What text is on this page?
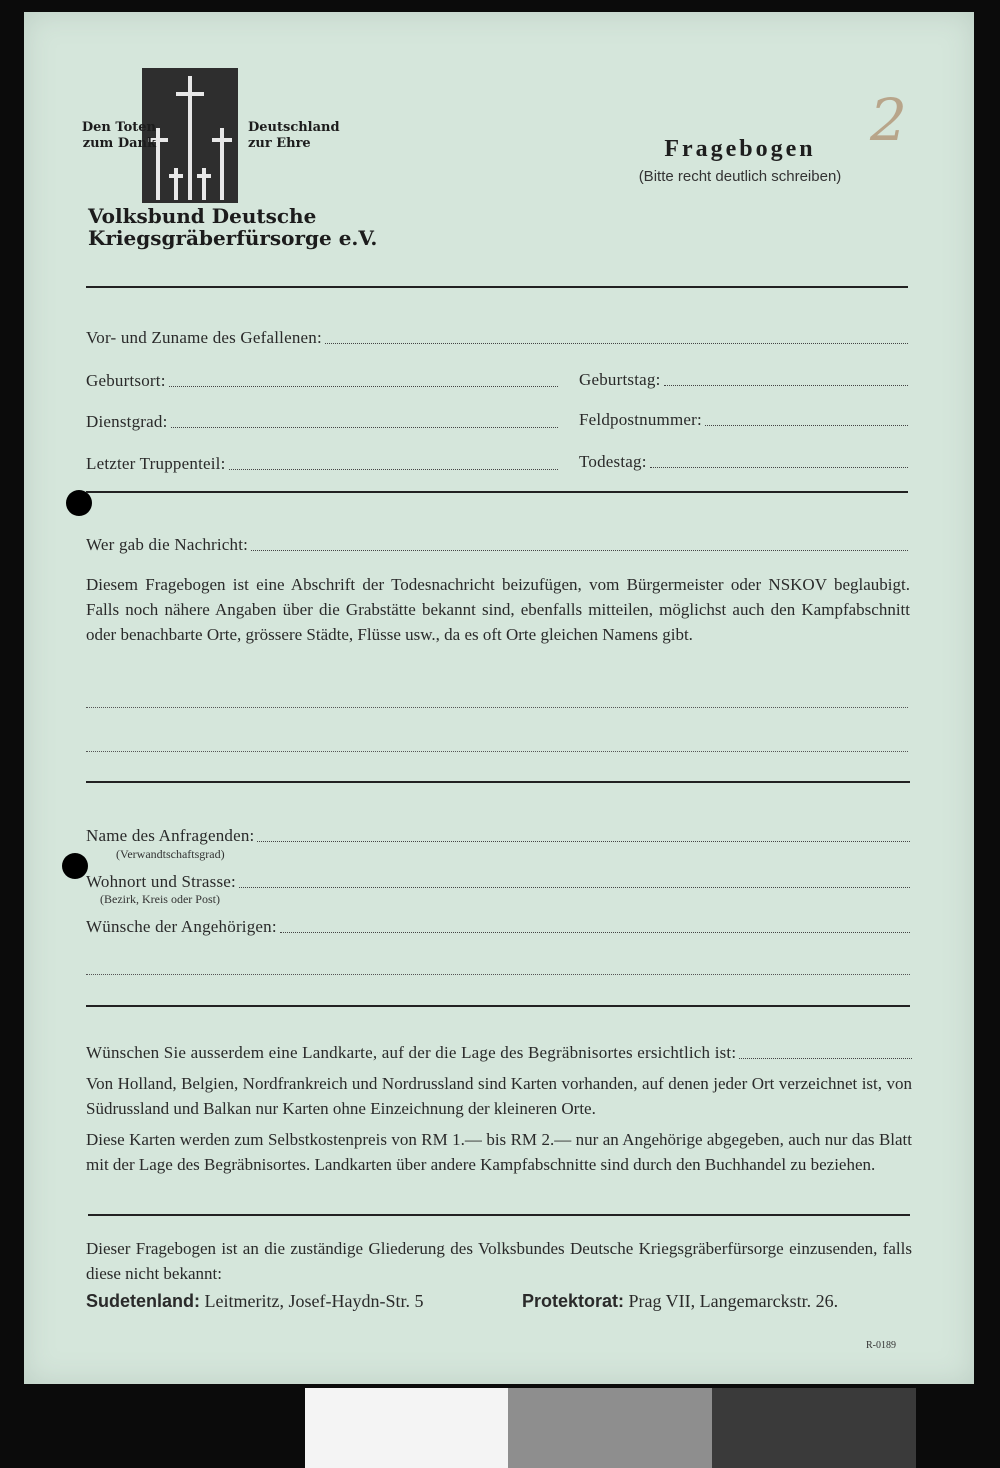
Den Toten
zum Dank
Deutschland
zur Ehre
Volksbund Deutsche
Kriegsgräberfürsorge e.V.
Fragebogen
(Bitte recht deutlich schreiben)
2
Vor- und Zuname des Gefallenen:
Geburtsort:	Geburtstag:
Dienstgrad:	Feldpostnummer:
Letzter Truppenteil:	Todestag:
Wer gab die Nachricht:
Diesem Fragebogen ist eine Abschrift der Todesnachricht beizufügen, vom Bürgermeister oder NSKOV beglaubigt. Falls noch nähere Angaben über die Grabstätte bekannt sind, ebenfalls mitteilen, möglichst auch den Kampfabschnitt oder benachbarte Orte, grössere Städte, Flüsse usw., da es oft Orte gleichen Namens gibt.
Name des Anfragenden:
(Verwandtschaftsgrad)
Wohnort und Strasse:
(Bezirk, Kreis oder Post)
Wünsche der Angehörigen:
Wünschen Sie ausserdem eine Landkarte, auf der die Lage des Begräbnisortes ersichtlich ist:
Von Holland, Belgien, Nordfrankreich und Nordrussland sind Karten vorhanden, auf denen jeder Ort verzeichnet ist, von Südrussland und Balkan nur Karten ohne Einzeichnung der kleineren Orte.
Diese Karten werden zum Selbstkostenpreis von RM 1.— bis RM 2.— nur an Angehörige abgegeben, auch nur das Blatt mit der Lage des Begräbnisortes. Landkarten über andere Kampfabschnitte sind durch den Buchhandel zu beziehen.
Dieser Fragebogen ist an die zuständige Gliederung des Volksbundes Deutsche Kriegsgräberfürsorge einzusenden, falls diese nicht bekannt:
Sudetenland: Leitmeritz, Josef-Haydn-Str. 5	Protektorat: Prag VII, Langemarckstr. 26.
R-0189
